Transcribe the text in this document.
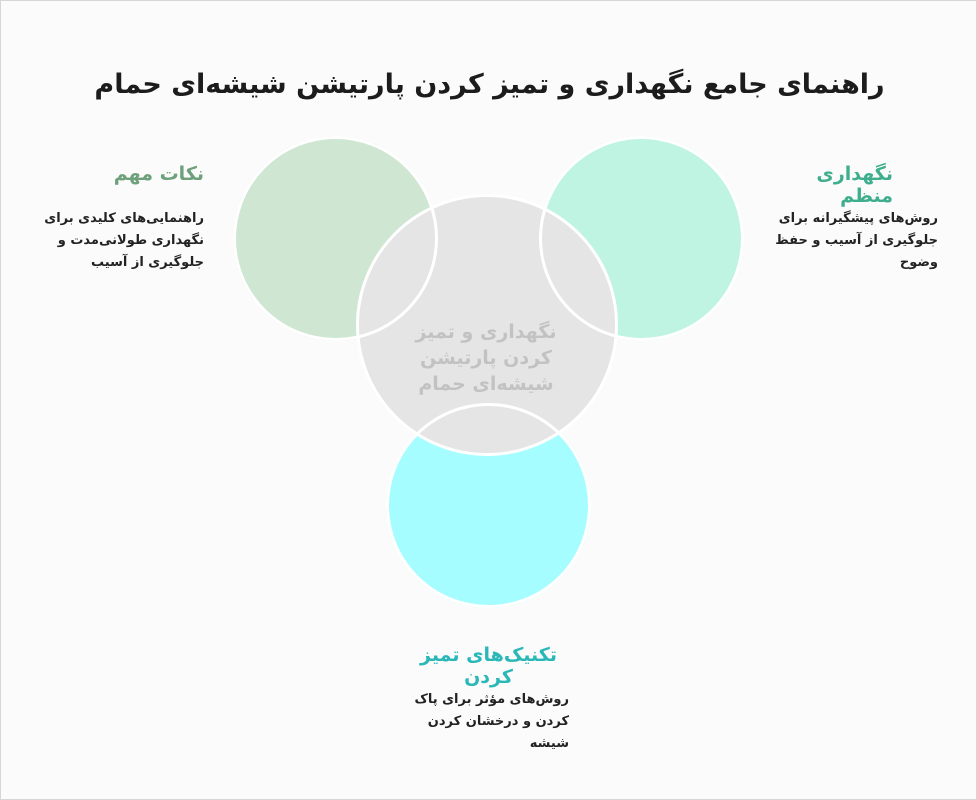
راهنمای جامع نگهداری و تمیز کردن پارتیشن شیشه‌ای حمام
نگهداری و تمیز کردن پارتیشن شیشه‌ای حمام
نکات مهم
راهنمایی‌های کلیدی برای نگهداری طولانی‌مدت و جلوگیری از آسیب
نگهداری منظم
روش‌های پیشگیرانه برای جلوگیری از آسیب و حفظ وضوح
تکنیک‌های تمیز کردن
روش‌های مؤثر برای پاک کردن و درخشان کردن شیشه
